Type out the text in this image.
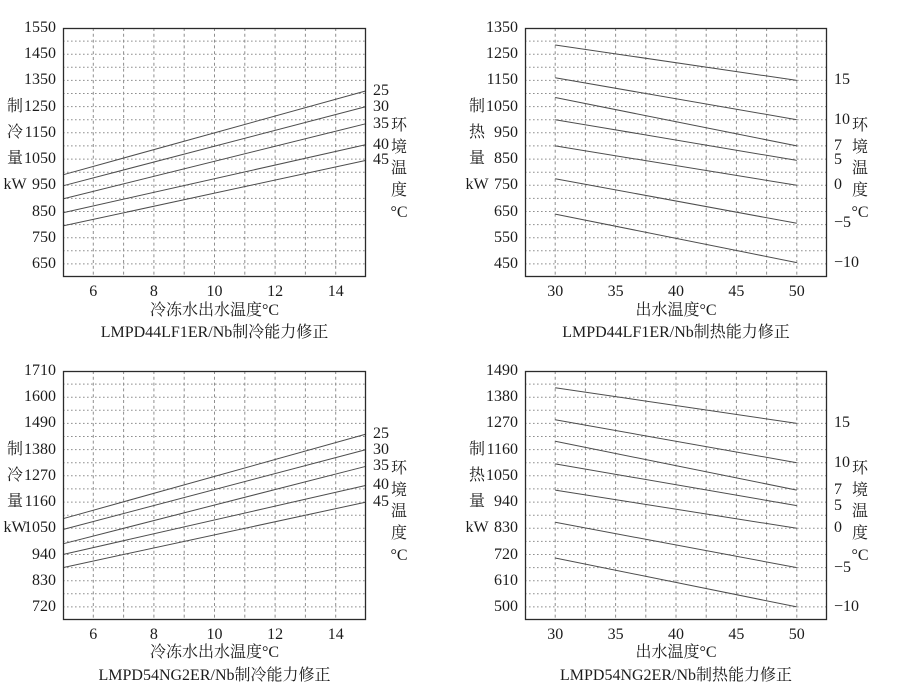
冷冻水出水温度°C
LMPD44LF1ER/Nb制冷能力修正
650
750
850
950
1050
1150
1250
1350
1450
1550
6	8	10	12	14
25
30
35
40
45
制
冷
量
kW
环
境
温
度
°C
出水温度°C
LMPD44LF1ER/Nb制热能力修正
450
550
650
750
850
950
1050
1150
1250
1350
30	35	40	45	50
15
10
7
5
0
−5
−10
制
热
量
kW
环
境
温
度
°C
冷冻水出水温度°C
LMPD54NG2ER/Nb制冷能力修正
720
830
940
1050
1160
1270
1380
1490
1600
1710
6	8	10	12	14
25
30
35
40
45
制
冷
量
kW
环
境
温
度
°C
出水温度°C
LMPD54NG2ER/Nb制热能力修正
500
610
720
830
940
1050
1160
1270
1380
1490
30	35	40	45	50
15
10
7
5
0
−5
−10
制
热
量
kW
环
境
温
度
°C
